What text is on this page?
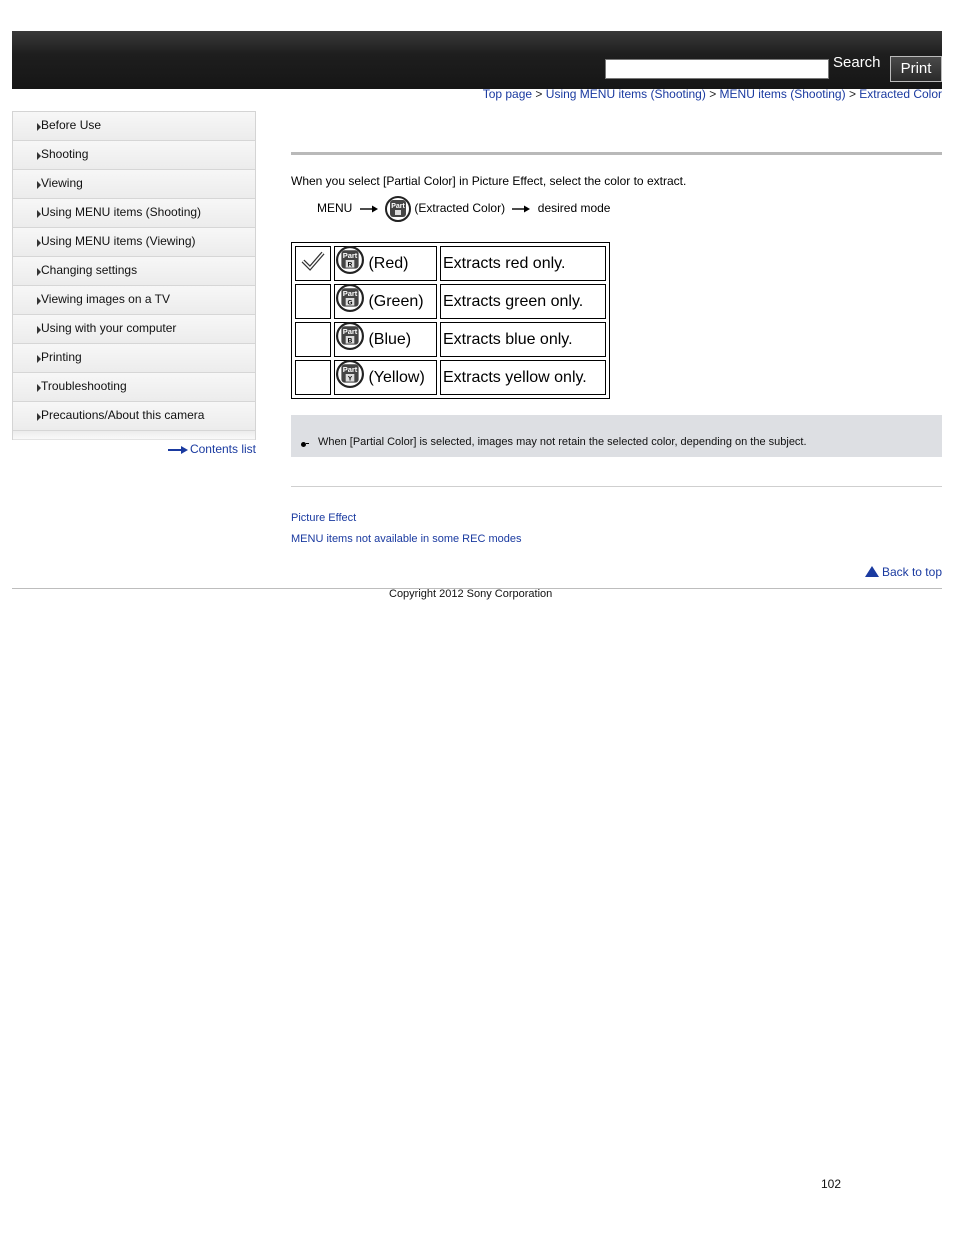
Search	Print
Top page > Using MENU items (Shooting) > MENU items (Shooting) > Extracted Color
Before Use
Shooting
Viewing
Using MENU items (Shooting)
Using MENU items (Viewing)
Changing settings
Viewing images on a TV
Using with your computer
Printing
Troubleshooting
Precautions/About this camera
Contents list
When you select [Partial Color] in Picture Effect, select the color to extract.
MENU	Part (Extracted Color)	desired mode

Part
R (Red)	Extracts red only.

Part
G (Green)	Extracts green only.

Part
B (Blue)	Extracts blue only.

Part
Y (Yellow)	Extracts yellow only.
When [Partial Color] is selected, images may not retain the selected color, depending on the subject.
Picture Effect
MENU items not available in some REC modes
Back to top
Copyright 2012 Sony Corporation
102
